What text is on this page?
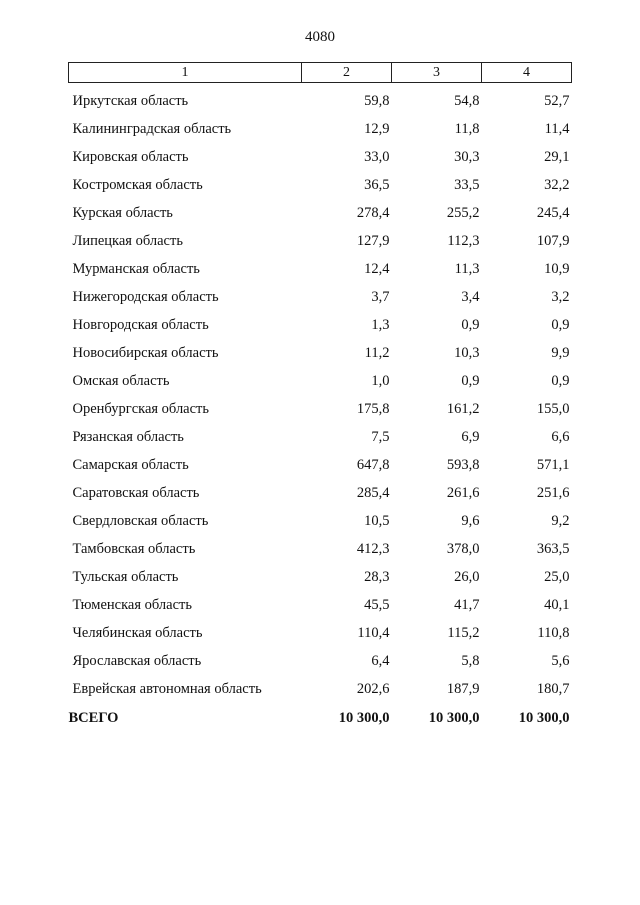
4080
1	2	3	4
Иркутская область	59,8	54,8	52,7
Калининградская область	12,9	11,8	11,4
Кировская область	33,0	30,3	29,1
Костромская область	36,5	33,5	32,2
Курская область	278,4	255,2	245,4
Липецкая область	127,9	112,3	107,9
Мурманская область	12,4	11,3	10,9
Нижегородская область	3,7	3,4	3,2
Новгородская область	1,3	0,9	0,9
Новосибирская область	11,2	10,3	9,9
Омская область	1,0	0,9	0,9
Оренбургская область	175,8	161,2	155,0
Рязанская область	7,5	6,9	6,6
Самарская область	647,8	593,8	571,1
Саратовская область	285,4	261,6	251,6
Свердловская область	10,5	9,6	9,2
Тамбовская область	412,3	378,0	363,5
Тульская область	28,3	26,0	25,0
Тюменская область	45,5	41,7	40,1
Челябинская область	110,4	115,2	110,8
Ярославская область	6,4	5,8	5,6
Еврейская автономная область	202,6	187,9	180,7
ВСЕГО	10 300,0	10 300,0	10 300,0
